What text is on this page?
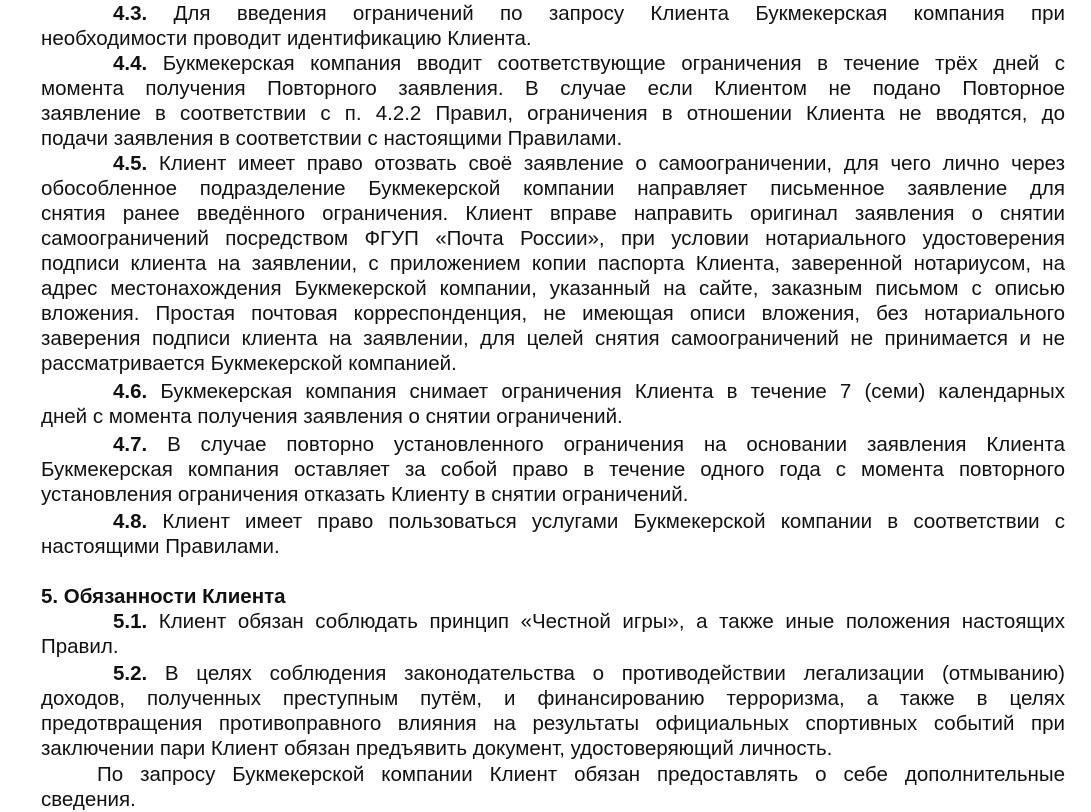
4.3. Для введения ограничений по запросу Клиента Букмекерская компания при
необходимости проводит идентификацию Клиента.
4.4. Букмекерская компания вводит соответствующие ограничения в течение трёх дней с
момента получения Повторного заявления. В случае если Клиентом не подано Повторное
заявление в соответствии с п. 4.2.2 Правил, ограничения в отношении Клиента не вводятся, до
подачи заявления в соответствии с настоящими Правилами.
4.5. Клиент имеет право отозвать своё заявление о самоограничении, для чего лично через
обособленное подразделение Букмекерской компании направляет письменное заявление для
снятия ранее введённого ограничения. Клиент вправе направить оригинал заявления о снятии
самоограничений посредством ФГУП «Почта России», при условии нотариального удостоверения
подписи клиента на заявлении, с приложением копии паспорта Клиента, заверенной нотариусом, на
адрес местонахождения Букмекерской компании, указанный на сайте, заказным письмом с описью
вложения. Простая почтовая корреспонденция, не имеющая описи вложения, без нотариального
заверения подписи клиента на заявлении, для целей снятия самоограничений не принимается и не
рассматривается Букмекерской компанией.
4.6. Букмекерская компания снимает ограничения Клиента в течение 7 (семи) календарных
дней с момента получения заявления о снятии ограничений.
4.7. В случае повторно установленного ограничения на основании заявления Клиента
Букмекерская компания оставляет за собой право в течение одного года с момента повторного
установления ограничения отказать Клиенту в снятии ограничений.
4.8. Клиент имеет право пользоваться услугами Букмекерской компании в соответствии с
настоящими Правилами.
5. Обязанности Клиента
5.1. Клиент обязан соблюдать принцип «Честной игры», а также иные положения настоящих
Правил.
5.2. В целях соблюдения законодательства о противодействии легализации (отмыванию)
доходов, полученных преступным путём, и финансированию терроризма, а также в целях
предотвращения противоправного влияния на результаты официальных спортивных событий при
заключении пари Клиент обязан предъявить документ, удостоверяющий личность.
По запросу Букмекерской компании Клиент обязан предоставлять о себе дополнительные
сведения.
